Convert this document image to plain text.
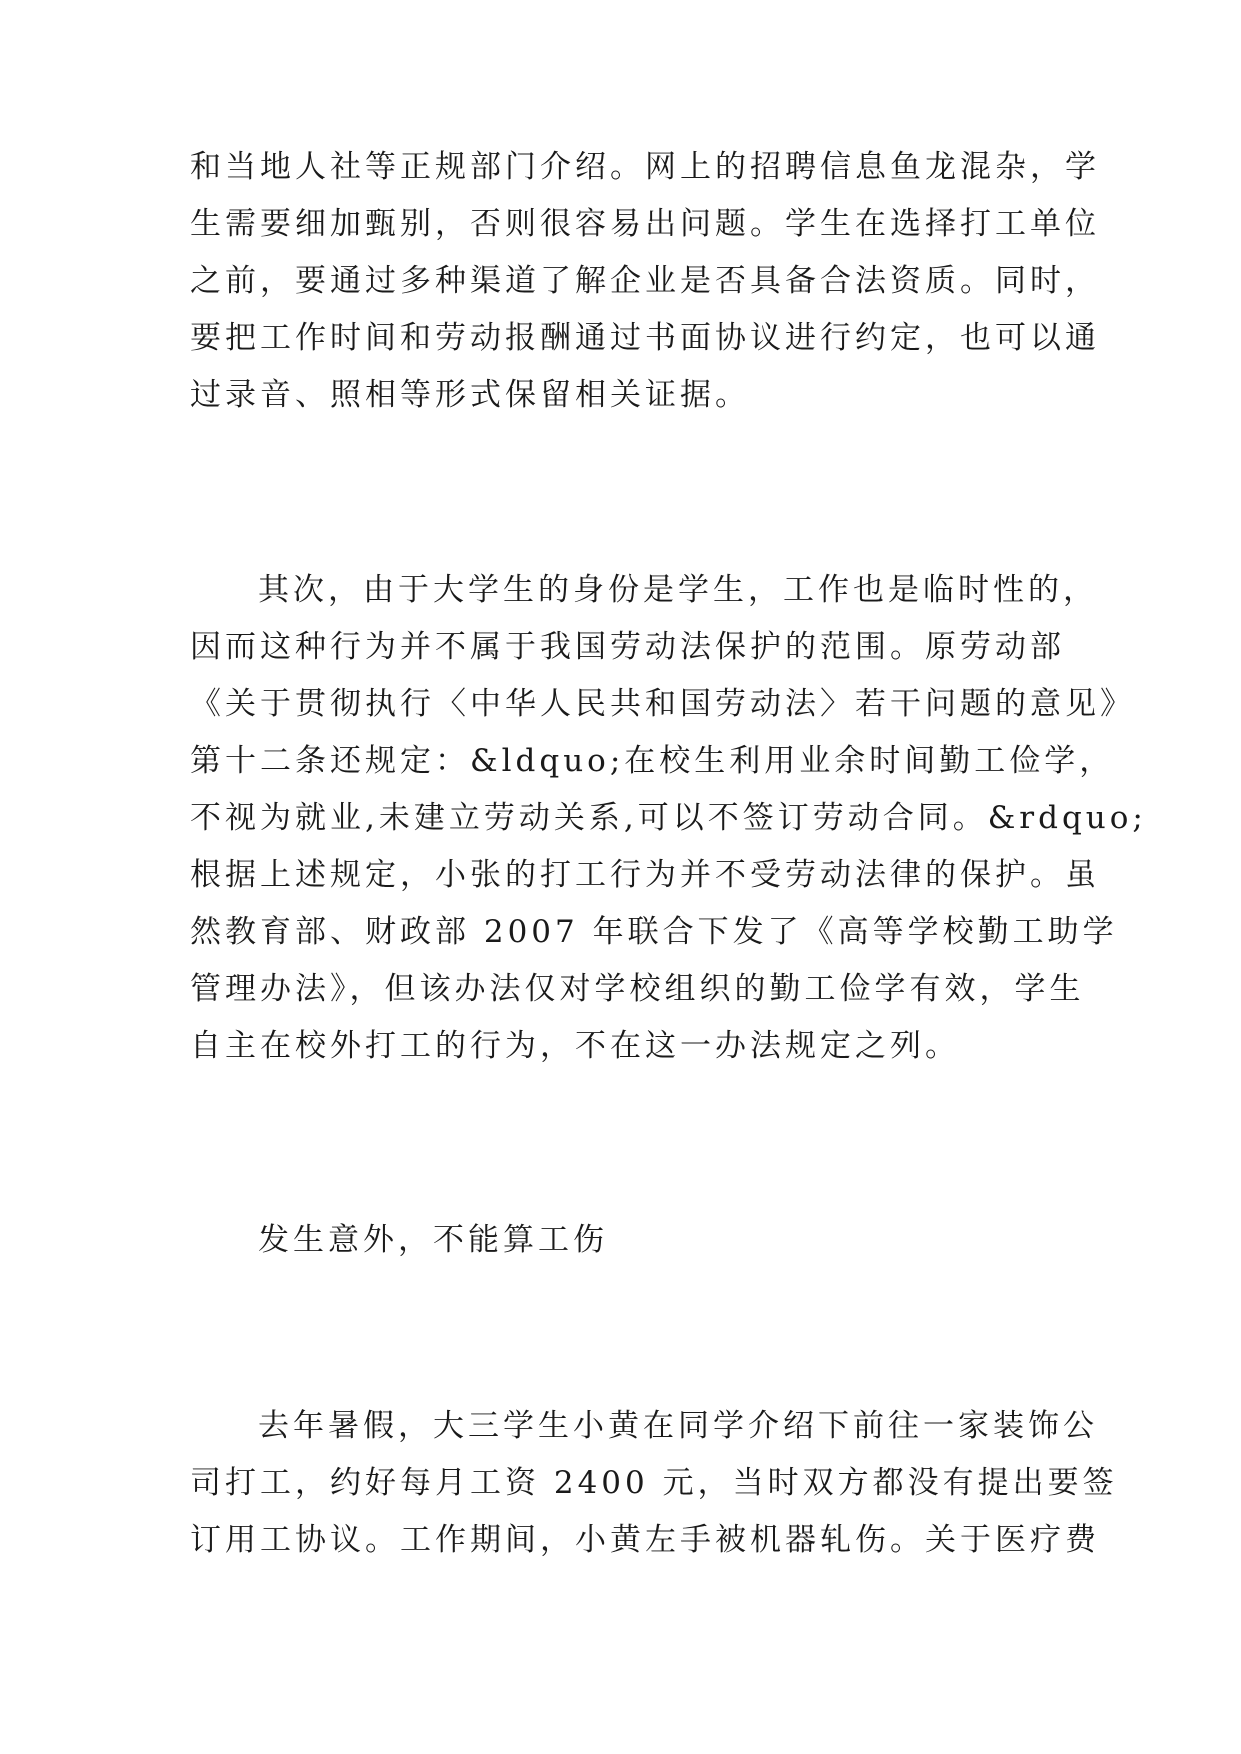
和当地人社等正规部门介绍。网上的招聘信息鱼龙混杂，学
生需要细加甄别，否则很容易出问题。学生在选择打工单位
之前，要通过多种渠道了解企业是否具备合法资质。同时，
要把工作时间和劳动报酬通过书面协议进行约定，也可以通
过录音、照相等形式保留相关证据。
其次，由于大学生的身份是学生，工作也是临时性的，
因而这种行为并不属于我国劳动法保护的范围。原劳动部
《关于贯彻执行〈中华人民共和国劳动法〉若干问题的意见》
第十二条还规定：&ldquo;在校生利用业余时间勤工俭学，
不视为就业,未建立劳动关系,可以不签订劳动合同。&rdquo;
根据上述规定，小张的打工行为并不受劳动法律的保护。虽
然教育部、财政部 2007 年联合下发了《高等学校勤工助学
管理办法》，但该办法仅对学校组织的勤工俭学有效，学生
自主在校外打工的行为，不在这一办法规定之列。
发生意外，不能算工伤
去年暑假，大三学生小黄在同学介绍下前往一家装饰公
司打工，约好每月工资 2400 元，当时双方都没有提出要签
订用工协议。工作期间，小黄左手被机器轧伤。关于医疗费
